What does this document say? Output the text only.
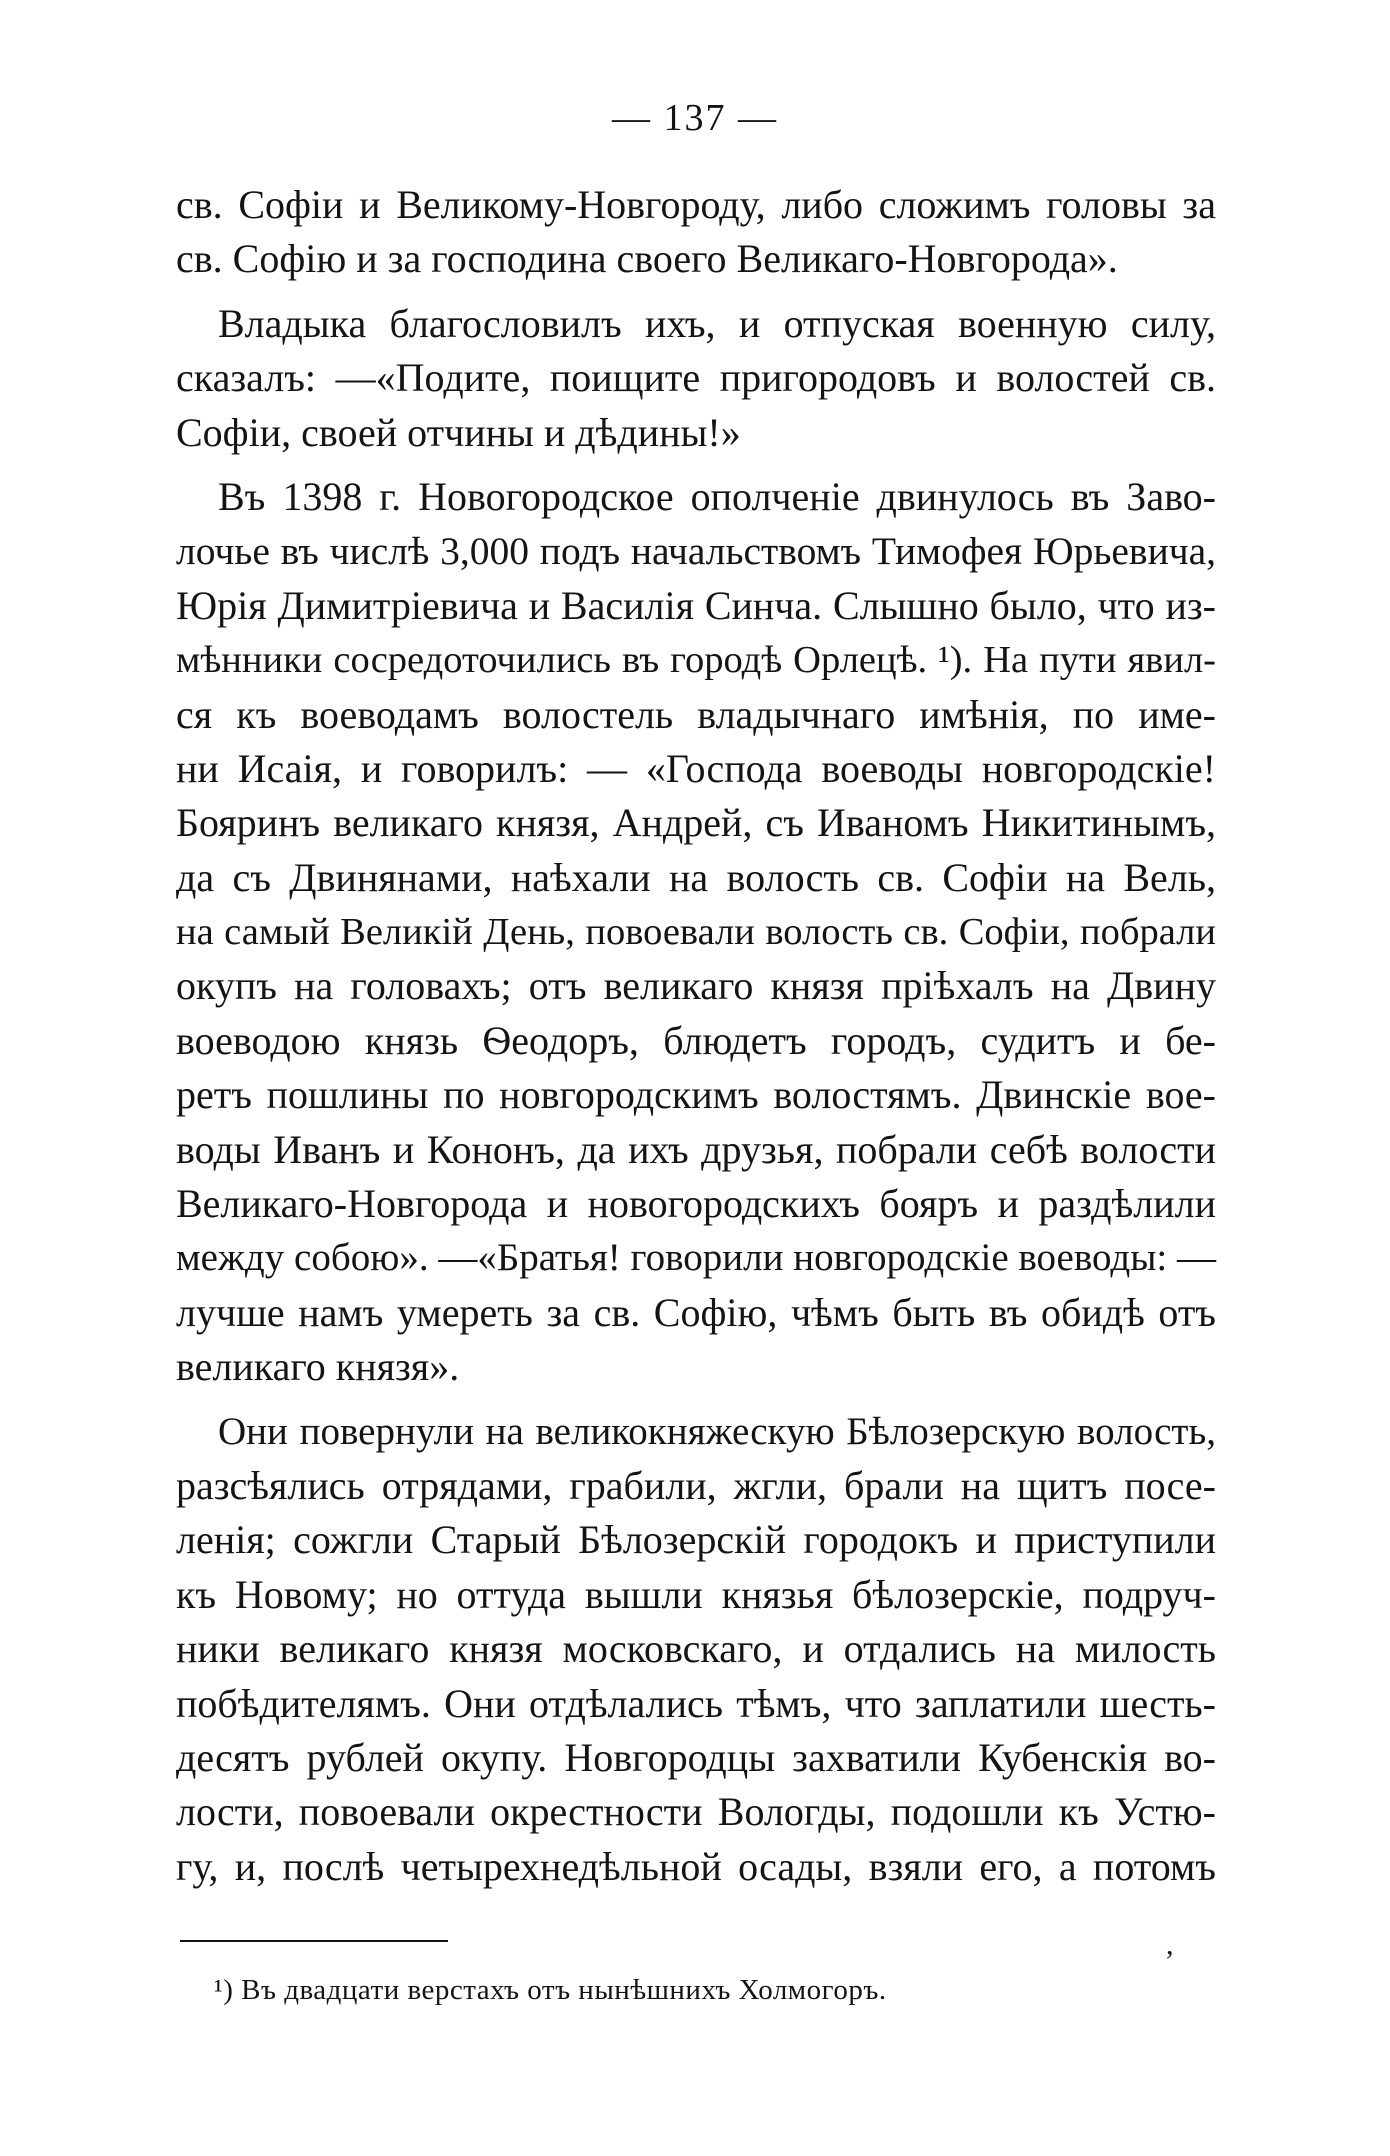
— 137 —
св. Софіи и Великому-Новгороду, либо сложимъ головы за
св. Софію и за господина своего Великаго-Новгорода».
Владыка благословилъ ихъ, и отпуская военную силу,
сказалъ: —«Подите, поищите пригородовъ и волостей св.
Софіи, своей отчины и дѣдины!»
Въ 1398 г. Новогородское ополченіе двинулось въ Заво-
лочье въ числѣ 3,000 подъ начальствомъ Тимофея Юрьевича,
Юрія Димитріевича и Василія Синча. Слышно было, что из-
мѣнники сосредоточились въ городѣ Орлецѣ. ¹). На пути явил-
ся къ воеводамъ волостель владычнаго имѣнія, по име-
ни Исаія, и говорилъ: — «Господа воеводы новгородскіе!
Бояринъ великаго князя, Андрей, съ Иваномъ Никитинымъ,
да съ Двинянами, наѣхали на волость св. Софіи на Вель,
на самый Великій День, повоевали волость св. Софіи, побрали
окупъ на головахъ; отъ великаго князя пріѣхалъ на Двину
воеводою князь Ѳеодоръ, блюдетъ городъ, судитъ и бе-
ретъ пошлины по новгородскимъ волостямъ. Двинскіе вое-
воды Иванъ и Кононъ, да ихъ друзья, побрали себѣ волости
Великаго-Новгорода и новогородскихъ бояръ и раздѣлили
между собою». —«Братья! говорили новгородскіе воеводы: —
лучше намъ умереть за св. Софію, чѣмъ быть въ обидѣ отъ
великаго князя».
Они повернули на великокняжескую Бѣлозерскую волость,
разсѣялись отрядами, грабили, жгли, брали на щитъ посе-
ленія; сожгли Старый Бѣлозерскій городокъ и приступили
къ Новому; но оттуда вышли князья бѣлозерскіе, подруч-
ники великаго князя московскаго, и отдались на милость
побѣдителямъ. Они отдѣлались тѣмъ, что заплатили шесть-
десятъ рублей окупу. Новгородцы захватили Кубенскія во-
лости, повоевали окрестности Вологды, подошли къ Устю-
гу, и, послѣ четырехнедѣльной осады, взяли его, а потомъ
,
¹) Въ двадцати верстахъ отъ нынѣшнихъ Холмогоръ.
